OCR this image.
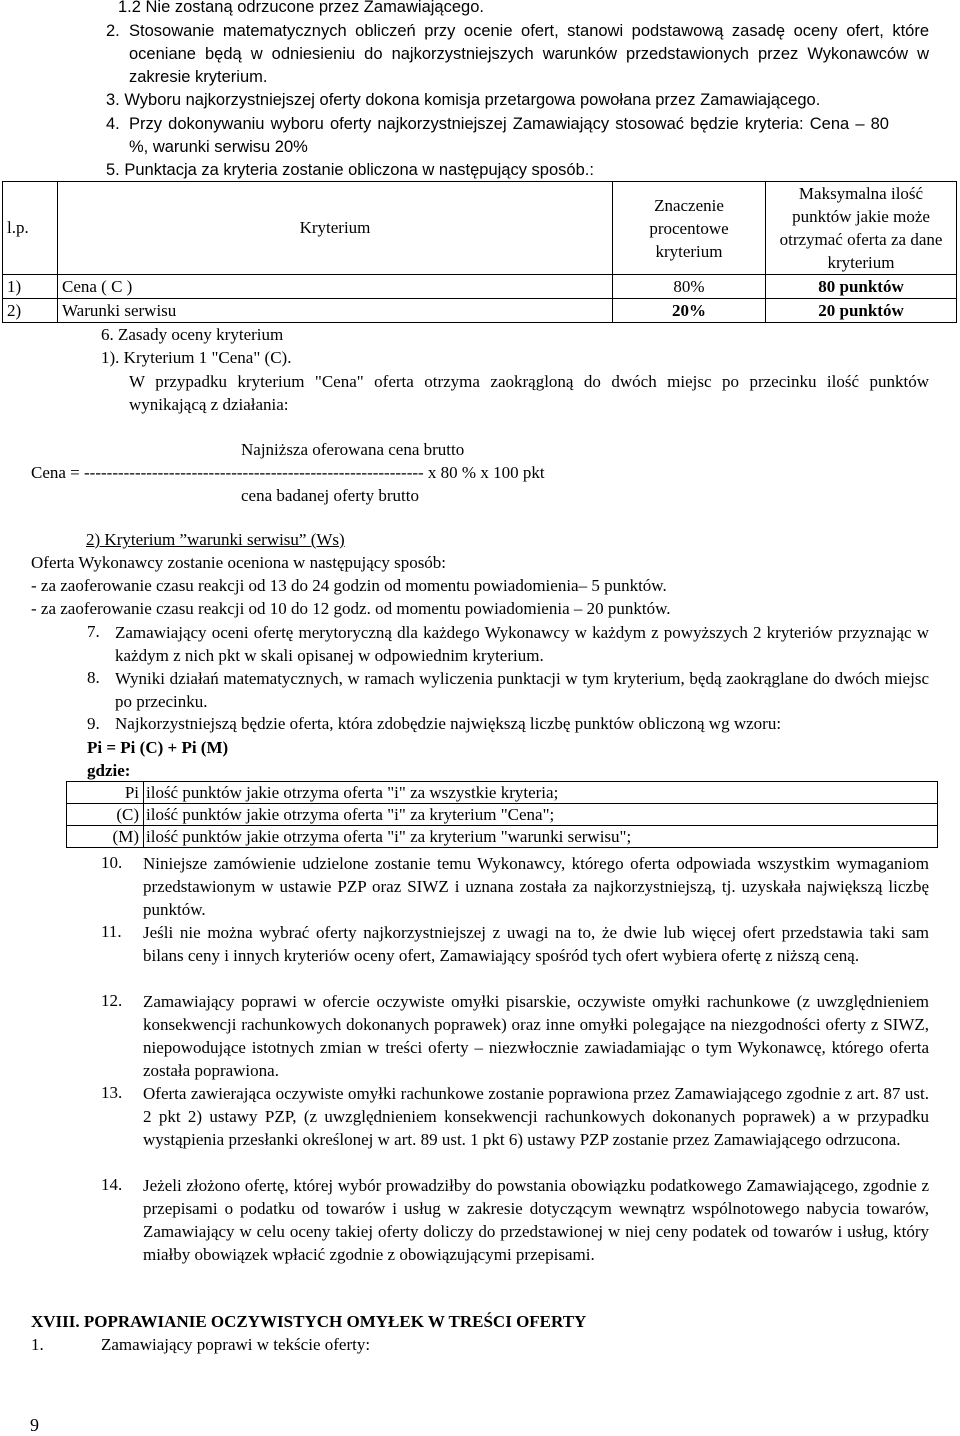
1.2 Nie zostaną odrzucone przez Zamawiającego.
2. Stosowanie matematycznych obliczeń przy ocenie ofert, stanowi podstawową zasadę oceny ofert, które oceniane będą w odniesieniu do najkorzystniejszych warunków przedstawionych przez Wykonawców w zakresie kryterium.
3. Wyboru najkorzystniejszej oferty dokona komisja przetargowa powołana przez Zamawiającego.
4. Przy dokonywaniu wyboru oferty najkorzystniejszej Zamawiający stosować będzie kryteria: Cena – 80 %, warunki serwisu 20%
5. Punktacja za kryteria zostanie obliczona w następujący sposób.:
l.p.	Kryterium	Znaczenie procentowe kryterium	Maksymalna ilość punktów jakie może otrzymać oferta za dane kryterium
1)	Cena ( C )	80%	80 punktów
2)	Warunki serwisu	20%	20 punktów
6. Zasady oceny kryterium
1). Kryterium 1 "Cena" (C).
W przypadku kryterium "Cena" oferta otrzyma zaokrągloną do dwóch miejsc po przecinku ilość punktów wynikającą z działania:
Najniższa oferowana cena brutto
Cena = ------------------------------------------------------------ x 80 % x 100 pkt
cena badanej oferty brutto
2) Kryterium ”warunki serwisu” (Ws)
Oferta Wykonawcy zostanie oceniona w następujący sposób:
- za zaoferowanie czasu reakcji od 13 do 24 godzin od momentu powiadomienia– 5 punktów.
- za zaoferowanie czasu reakcji od 10 do 12 godz. od momentu powiadomienia – 20 punktów.
7. Zamawiający oceni ofertę merytoryczną dla każdego Wykonawcy w każdym z powyższych 2 kryteriów przyznając w każdym z nich pkt w skali opisanej w odpowiednim kryterium.
8. Wyniki działań matematycznych, w ramach wyliczenia punktacji w tym kryterium, będą zaokrąglane do dwóch miejsc po przecinku.
9. Najkorzystniejszą będzie oferta, która zdobędzie największą liczbę punktów obliczoną wg wzoru:
Pi = Pi (C) + Pi (M)
gdzie:
Pi	ilość punktów jakie otrzyma oferta "i" za wszystkie kryteria;
(C)	ilość punktów jakie otrzyma oferta "i" za kryterium "Cena";
(M)	ilość punktów jakie otrzyma oferta "i" za kryterium "warunki serwisu";
10. Niniejsze zamówienie udzielone zostanie temu Wykonawcy, którego oferta odpowiada wszystkim wymaganiom przedstawionym w ustawie PZP oraz SIWZ i uznana została za najkorzystniejszą, tj. uzyskała największą liczbę punktów.
11. Jeśli nie można wybrać oferty najkorzystniejszej z uwagi na to, że dwie lub więcej ofert przedstawia taki sam bilans ceny i innych kryteriów oceny ofert, Zamawiający spośród tych ofert wybiera ofertę z niższą ceną.
12. Zamawiający poprawi w ofercie oczywiste omyłki pisarskie, oczywiste omyłki rachunkowe (z uwzględnieniem konsekwencji rachunkowych dokonanych poprawek) oraz inne omyłki polegające na niezgodności oferty z SIWZ, niepowodujące istotnych zmian w treści oferty – niezwłocznie zawiadamiając o tym Wykonawcę, którego oferta została poprawiona.
13. Oferta zawierająca oczywiste omyłki rachunkowe zostanie poprawiona przez Zamawiającego zgodnie z art. 87 ust. 2 pkt 2) ustawy PZP, (z uwzględnieniem konsekwencji rachunkowych dokonanych poprawek) a w przypadku wystąpienia przesłanki określonej w art. 89 ust. 1 pkt 6) ustawy PZP zostanie przez Zamawiającego odrzucona.
14. Jeżeli złożono ofertę, której wybór prowadziłby do powstania obowiązku podatkowego Zamawiającego, zgodnie z przepisami o podatku od towarów i usług w zakresie dotyczącym wewnątrz wspólnotowego nabycia towarów, Zamawiający w celu oceny takiej oferty doliczy do przedstawionej w niej ceny podatek od towarów i usług, który miałby obowiązek wpłacić zgodnie z obowiązującymi przepisami.
XVIII. POPRAWIANIE OCZYWISTYCH OMYŁEK W TREŚCI OFERTY
1.	Zamawiający poprawi w tekście oferty:
9
